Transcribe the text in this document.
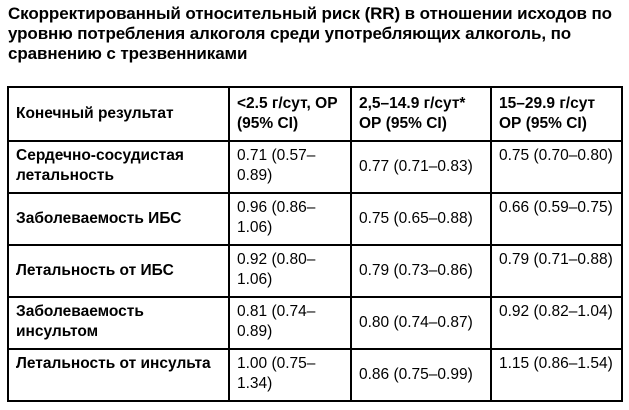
Скорректированный относительный риск (RR) в отношении исходов по уровню потребления алкоголя среди употребляющих алкоголь, по сравнению с трезвенниками
Конечный результат	<2.5 г/сут, ОР (95% CI)	2,5–14.9 г/сут* ОР (95% CI)	15–29.9 г/сут ОР (95% CI)
Сердечно-сосудистая летальность	0.71 (0.57–0.89)	0.77 (0.71–0.83)	0.75 (0.70–0.80)
Заболеваемость ИБС	0.96 (0.86–1.06)	0.75 (0.65–0.88)	0.66 (0.59–0.75)
Летальность от ИБС	0.92 (0.80–1.06)	0.79 (0.73–0.86)	0.79 (0.71–0.88)
Заболеваемость инсультом	0.81 (0.74–0.89)	0.80 (0.74–0.87)	0.92 (0.82–1.04)
Летальность от инсульта	1.00 (0.75–1.34)	0.86 (0.75–0.99)	1.15 (0.86–1.54)
